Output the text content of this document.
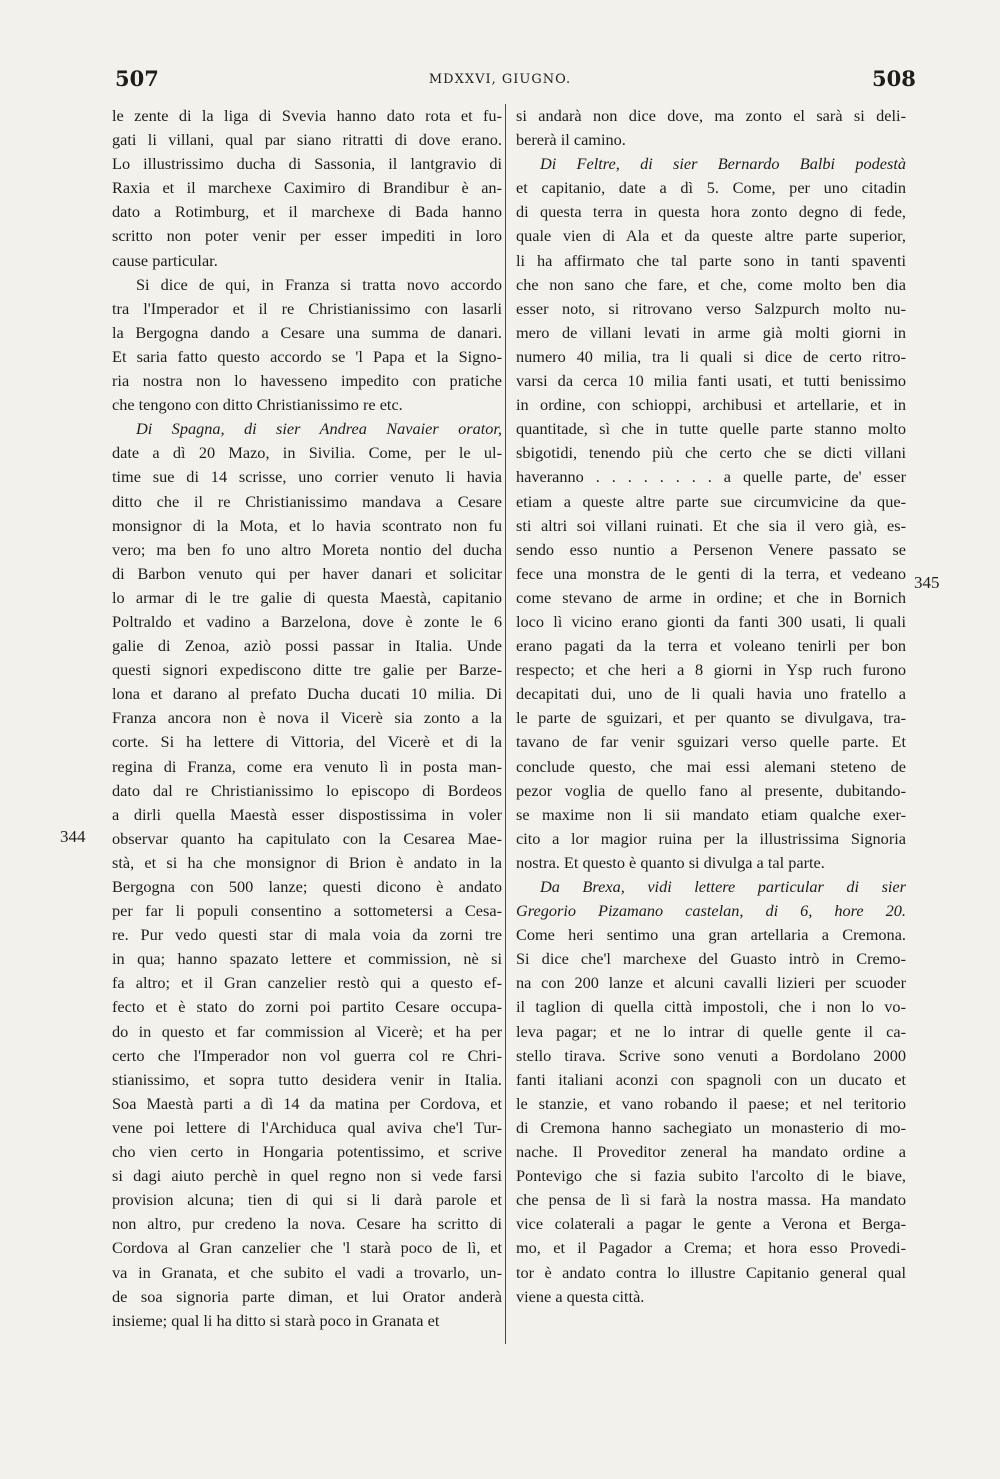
507	MDXXVI, GIUGNO.	508
le zente di la liga di Svevia hanno dato rota et fu-
gati li villani, qual par siano ritratti di dove erano.
Lo illustrissimo ducha di Sassonia, il lantgravio di
Raxia et il marchexe Caximiro di Brandibur è an-
dato a Rotimburg, et il marchexe di Bada hanno
scritto non poter venir per esser impediti in loro
cause particular.
Si dice de qui, in Franza si tratta novo accordo
tra l'Imperador et il re Christianissimo con lasarli
la Bergogna dando a Cesare una summa de danari.
Et saria fatto questo accordo se 'l Papa et la Signo-
ria nostra non lo havesseno impedito con pratiche
che tengono con ditto Christianissimo re etc.
Di Spagna, di sier Andrea Navaier orator,
date a dì 20 Mazo, in Sivilia. Come, per le ul-
time sue di 14 scrisse, uno corrier venuto li havia
ditto che il re Christianissimo mandava a Cesare
monsignor di la Mota, et lo havia scontrato non fu
vero; ma ben fo uno altro Moreta nontio del ducha
di Barbon venuto qui per haver danari et solicitar
lo armar di le tre galie di questa Maestà, capitanio
Poltraldo et vadino a Barzelona, dove è zonte le 6
galie di Zenoa, aziò possi passar in Italia. Unde
questi signori expediscono ditte tre galie per Barze-
lona et darano al prefato Ducha ducati 10 milia. Di
Franza ancora non è nova il Vicerè sia zonto a la
corte. Si ha lettere di Vittoria, del Vicerè et di la
regina di Franza, come era venuto lì in posta man-
dato dal re Christianissimo lo episcopo di Bordeos
a dirli quella Maestà esser dispostissima in voler
observar quanto ha capitulato con la Cesarea Mae-
stà, et si ha che monsignor di Brion è andato in la
Bergogna con 500 lanze; questi dicono è andato
per far li populi consentino a sottometersi a Cesa-
re. Pur vedo questi star di mala voia da zorni tre
in qua; hanno spazato lettere et commission, nè si
fa altro; et il Gran canzelier restò qui a questo ef-
fecto et è stato do zorni poi partito Cesare occupa-
do in questo et far commission al Vicerè; et ha per
certo che l'Imperador non vol guerra col re Chri-
stianissimo, et sopra tutto desidera venir in Italia.
Soa Maestà parti a dì 14 da matina per Cordova, et
vene poi lettere di l'Archiduca qual aviva che'l Tur-
cho vien certo in Hongaria potentissimo, et scrive
si dagi aiuto perchè in quel regno non si vede farsi
provision alcuna; tien di qui si li darà parole et
non altro, pur credeno la nova. Cesare ha scritto di
Cordova al Gran canzelier che 'l starà poco de lì, et
va in Granata, et che subito el vadi a trovarlo, un-
de soa signoria parte diman, et lui Orator anderà
insieme; qual li ha ditto si starà poco in Granata et
si andarà non dice dove, ma zonto el sarà si deli-
bererà il camino.
Di Feltre, di sier Bernardo Balbi podestà
et capitanio, date a dì 5. Come, per uno citadin
di questa terra in questa hora zonto degno di fede,
quale vien di Ala et da queste altre parte superior,
li ha affirmato che tal parte sono in tanti spaventi
che non sano che fare, et che, come molto ben dia
esser noto, si ritrovano verso Salzpurch molto nu-
mero de villani levati in arme già molti giorni in
numero 40 milia, tra li quali si dice de certo ritro-
varsi da cerca 10 milia fanti usati, et tutti benissimo
in ordine, con schioppi, archibusi et artellarie, et in
quantitade, sì che in tutte quelle parte stanno molto
sbigotidi, tenendo più che certo che se dicti villani
haveranno . . . . . . . . a quelle parte, de' esser
etiam a queste altre parte sue circumvicine da que-
sti altri soi villani ruinati. Et che sia il vero già, es-
sendo esso nuntio a Persenon Venere passato se
fece una monstra de le genti di la terra, et vedeano
come stevano de arme in ordine; et che in Bornich
loco lì vicino erano gionti da fanti 300 usati, li quali
erano pagati da la terra et voleano tenirli per bon
respecto; et che heri a 8 giorni in Ysp ruch furono
decapitati dui, uno de li quali havia uno fratello a
le parte de sguizari, et per quanto se divulgava, tra-
tavano de far venir sguizari verso quelle parte. Et
conclude questo, che mai essi alemani steteno de
pezor voglia de quello fano al presente, dubitando-
se maxime non li sii mandato etiam qualche exer-
cito a lor magior ruina per la illustrissima Signoria
nostra. Et questo è quanto si divulga a tal parte.
Da Brexa, vidi lettere particular di sier
Gregorio Pizamano castelan, di 6, hore 20.
Come heri sentimo una gran artellaria a Cremona.
Si dice che'l marchexe del Guasto intrò in Cremo-
na con 200 lanze et alcuni cavalli lizieri per scuoder
il taglion di quella città impostoli, che i non lo vo-
leva pagar; et ne lo intrar di quelle gente il ca-
stello tirava. Scrive sono venuti a Bordolano 2000
fanti italiani aconzi con spagnoli con un ducato et
le stanzie, et vano robando il paese; et nel teritorio
di Cremona hanno sachegiato un monasterio di mo-
nache. Il Proveditor zeneral ha mandato ordine a
Pontevigo che si fazia subito l'arcolto di le biave,
che pensa de lì si farà la nostra massa. Ha mandato
vice colaterali a pagar le gente a Verona et Berga-
mo, et il Pagador a Crema; et hora esso Provedi-
tor è andato contra lo illustre Capitanio general qual
viene a questa città.
344
345
